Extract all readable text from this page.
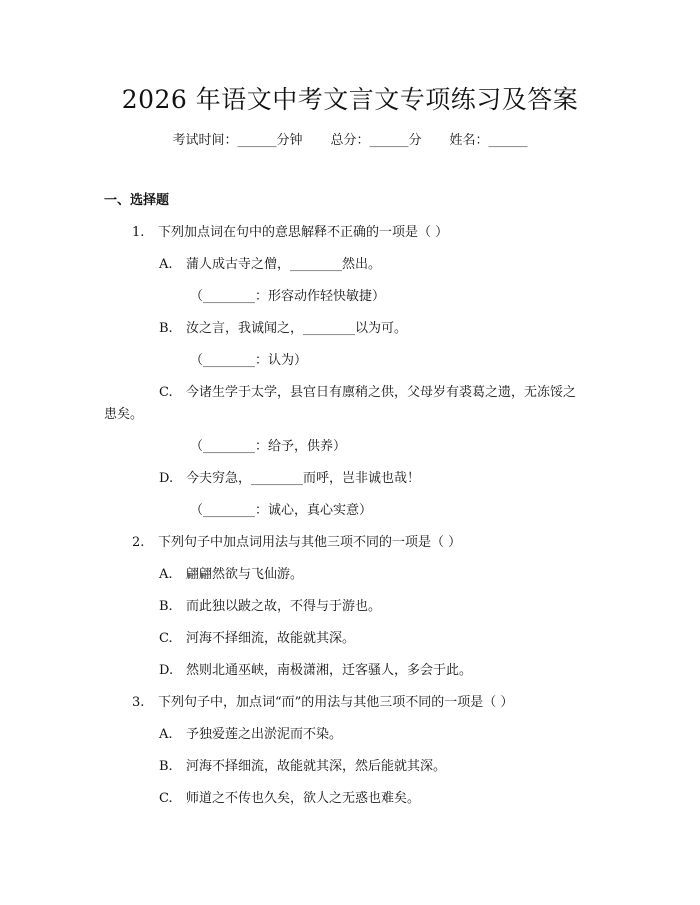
2026 年语文中考文言文专项练习及答案
考试时间：______分钟 总分：______分 姓名：______
一、选择题
1. 下列加点词在句中的意思解释不正确的一项是（ ）
A. 蒲人成古寺之僧，________然出。
（________：形容动作轻快敏捷）
B. 汝之言，我诚闻之，________以为可。
（________：认为）
C. 今诸生学于太学，县官日有廪稍之供，父母岁有裘葛之遗，无冻馁之
患矣。
（________：给予，供养）
D. 今夫穷急，________而呼，岂非诚也哉！
（________：诚心，真心实意）
2. 下列句子中加点词用法与其他三项不同的一项是（ ）
A. 翩翩然欲与飞仙游。
B. 而此独以跛之故，不得与于游也。
C. 河海不择细流，故能就其深。
D. 然则北通巫峡，南极潇湘，迁客骚人，多会于此。
3. 下列句子中，加点词“而”的用法与其他三项不同的一项是（ ）
A. 予独爱莲之出淤泥而不染。
B. 河海不择细流，故能就其深，然后能就其深。
C. 师道之不传也久矣，欲人之无惑也难矣。
